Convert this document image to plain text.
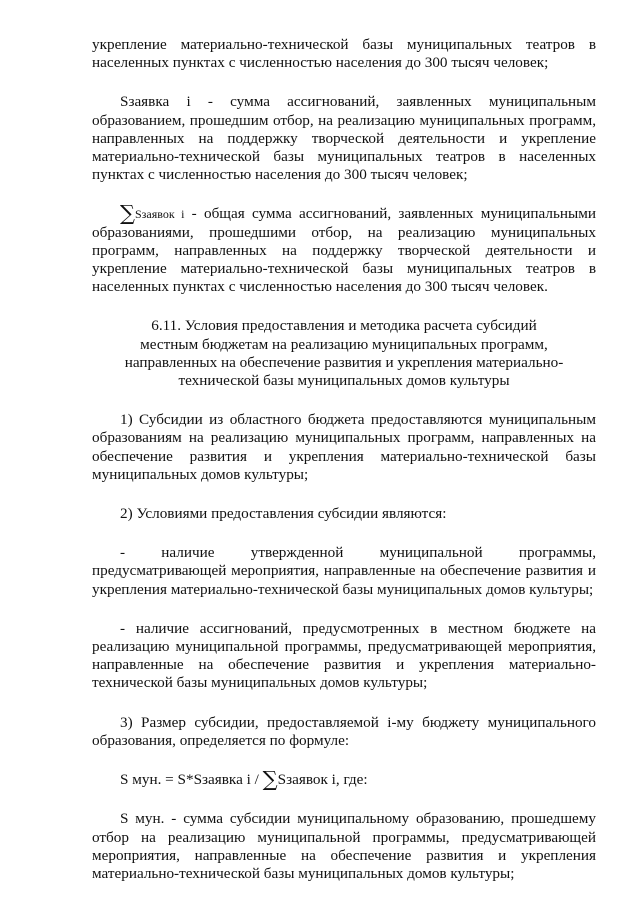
укрепление материально-технической базы муниципальных театров в населенных пунктах с численностью населения до 300 тысяч человек;

Sзаявка i - сумма ассигнований, заявленных муниципальным образованием, прошедшим отбор, на реализацию муниципальных программ, направленных на поддержку творческой деятельности и укрепление материально-технической базы муниципальных театров в населенных пунктах с численностью населения до 300 тысяч человек;

∑Sзаявок i - общая сумма ассигнований, заявленных муниципальными образованиями, прошедшими отбор, на реализацию муниципальных программ, направленных на поддержку творческой деятельности и укрепление материально-технической базы муниципальных театров в населенных пунктах с численностью населения до 300 тысяч человек.

6.11. Условия предоставления и методика расчета субсидий

местным бюджетам на реализацию муниципальных программ,

направленных на обеспечение развития и укрепления материально-

технической базы муниципальных домов культуры

1) Субсидии из областного бюджета предоставляются муниципальным образованиям на реализацию муниципальных программ, направленных на обеспечение развития и укрепления материально-технической базы муниципальных домов культуры;

2) Условиями предоставления субсидии являются:

- наличие утвержденной муниципальной программы,

предусматривающей мероприятия, направленные на обеспечение развития и укрепления материально-технической базы муниципальных домов культуры;

- наличие ассигнований, предусмотренных в местном бюджете на реализацию муниципальной программы, предусматривающей мероприятия, направленные на обеспечение развития и укрепления материально-технической базы муниципальных домов культуры;

3) Размер субсидии, предоставляемой i-му бюджету муниципального образования, определяется по формуле:

S мун. = S*Sзаявка i / ∑Sзаявок i, где:

S мун. - сумма субсидии муниципальному образованию, прошедшему отбор на реализацию муниципальной программы, предусматривающей мероприятия, направленные на обеспечение развития и укрепления материально-технической базы муниципальных домов культуры;
